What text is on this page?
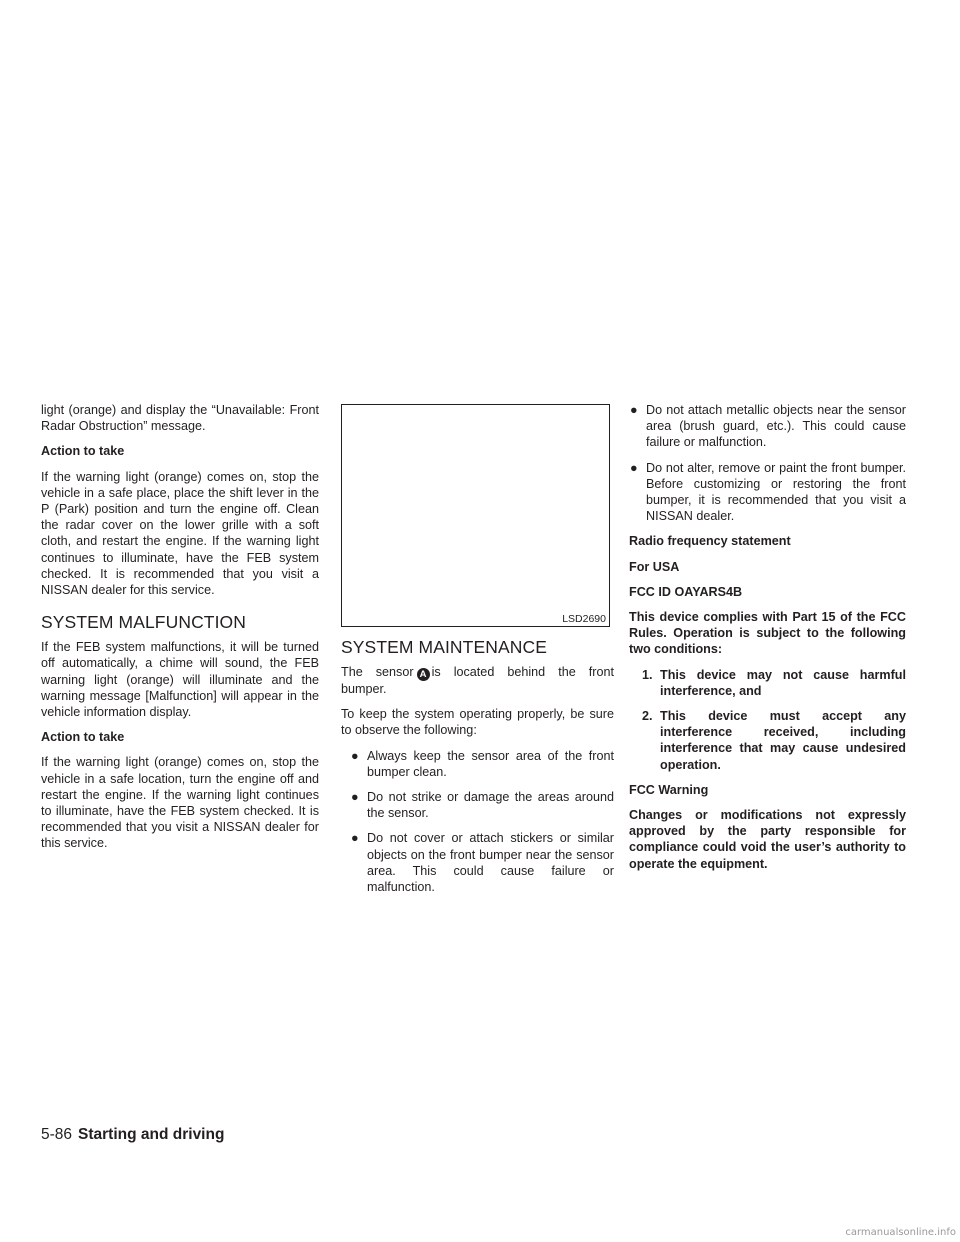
light (orange) and display the “Unavailable: Front Radar Obstruction” message.

Action to take

If the warning light (orange) comes on, stop the vehicle in a safe place, place the shift lever in the P (Park) position and turn the engine off. Clean the radar cover on the lower grille with a soft cloth, and restart the engine. If the warning light continues to illuminate, have the FEB system checked. It is recommended that you visit a NISSAN dealer for this service.

SYSTEM MALFUNCTION

If the FEB system malfunctions, it will be turned off automatically, a chime will sound, the FEB warning light (orange) will illuminate and the warning message [Malfunction] will appear in the vehicle information display.

Action to take

If the warning light (orange) comes on, stop the vehicle in a safe location, turn the engine off and restart the engine. If the warning light continues to illuminate, have the FEB system checked. It is recommended that you visit a NISSAN dealer for this service.

LSD2690
SYSTEM MAINTENANCE

The sensor A is located behind the front bumper.

To keep the system operating properly, be sure to observe the following:

● Always keep the sensor area of the front bumper clean.
● Do not strike or damage the areas around the sensor.
● Do not cover or attach stickers or similar objects on the front bumper near the sensor area. This could cause failure or malfunction.
● Do not attach metallic objects near the sensor area (brush guard, etc.). This could cause failure or malfunction.
● Do not alter, remove or paint the front bumper. Before customizing or restoring the front bumper, it is recommended that you visit a NISSAN dealer.
Radio frequency statement
For USA
FCC ID OAYARS4B
This device complies with Part 15 of the FCC Rules. Operation is subject to the following two conditions:
1. This device may not cause harmful interference, and
2. This device must accept any interference received, including interference that may cause undesired operation.
FCC Warning
Changes or modifications not expressly approved by the party responsible for compliance could void the user’s authority to operate the equipment.
5-86 Starting and driving
carmanualsonline.info
